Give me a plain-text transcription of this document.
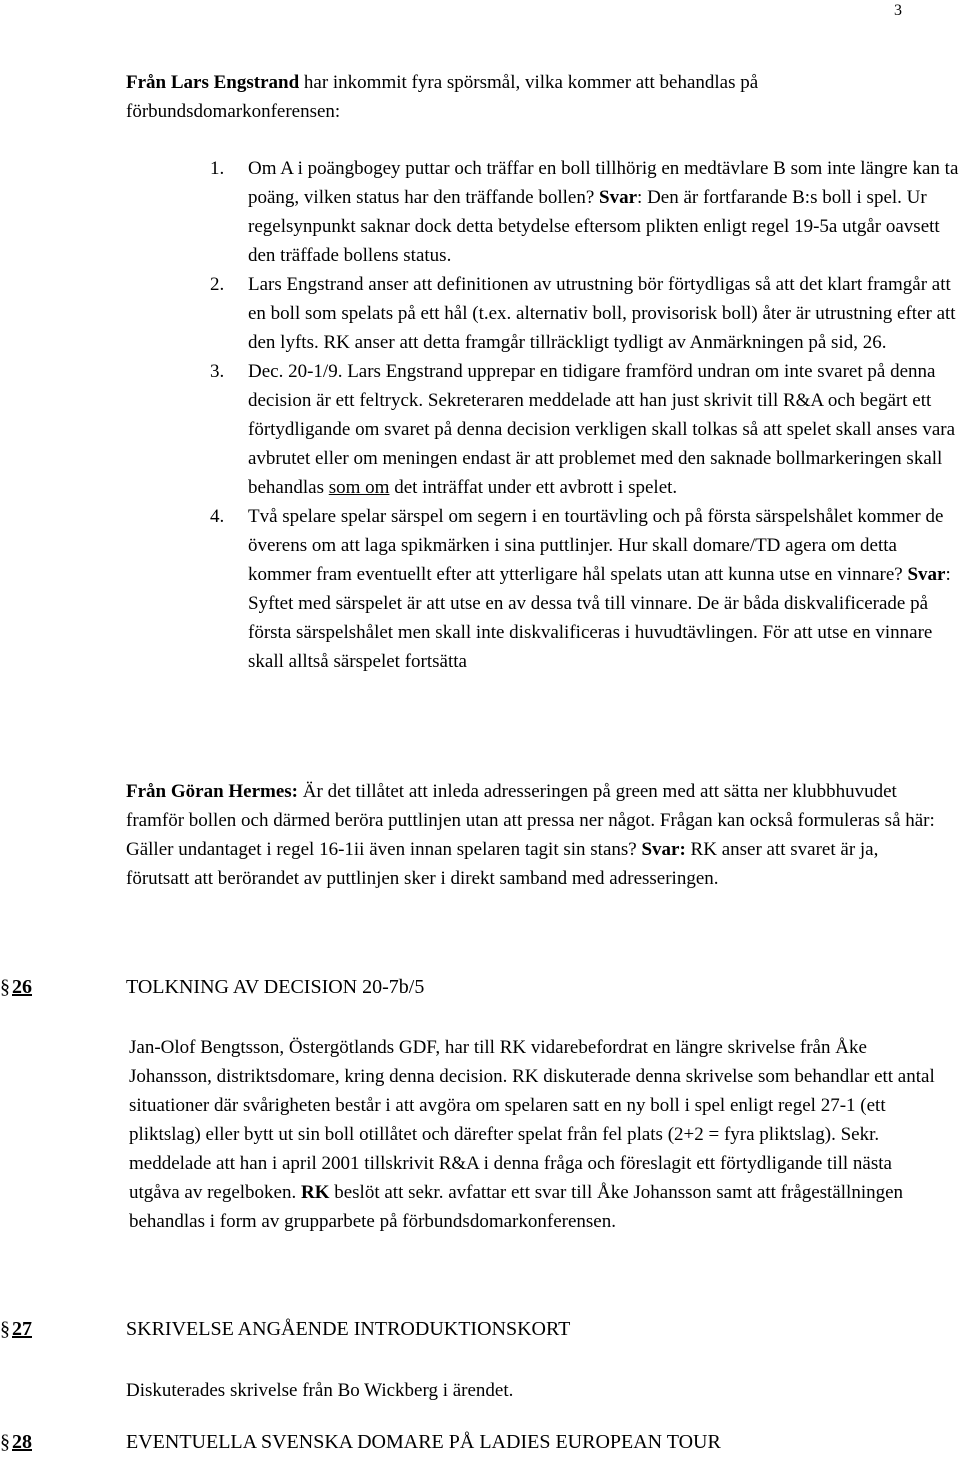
3
Från Lars Engstrand har inkommit fyra spörsmål, vilka kommer att behandlas på förbundsdomarkonferensen:
1. Om A i poängbogey puttar och träffar en boll tillhörig en medtävlare B som inte längre kan ta poäng, vilken status har den träffande bollen? Svar: Den är fortfarande B:s boll i spel. Ur regelsynpunkt saknar dock detta betydelse eftersom plikten enligt regel 19-5a utgår oavsett den träffade bollens status.
2. Lars Engstrand anser att definitionen av utrustning bör förtydligas så att det klart framgår att en boll som spelats på ett hål (t.ex. alternativ boll, provisorisk boll) åter är utrustning efter att den lyfts. RK anser att detta framgår tillräckligt tydligt av Anmärkningen på sid, 26.
3. Dec. 20-1/9. Lars Engstrand upprepar en tidigare framförd undran om inte svaret på denna decision är ett feltryck. Sekreteraren meddelade att han just skrivit till R&A och begärt ett förtydligande om svaret på denna decision verkligen skall tolkas så att spelet skall anses vara avbrutet eller om meningen endast är att problemet med den saknade bollmarkeringen skall behandlas som om det inträffat under ett avbrott i spelet.
4. Två spelare spelar särspel om segern i en tourtävling och på första särspelshålet kommer de överens om att laga spikmärken i sina puttlinjer. Hur skall domare/TD agera om detta kommer fram eventuellt efter att ytterligare hål spelats utan att kunna utse en vinnare? Svar: Syftet med särspelet är att utse en av dessa två till vinnare. De är båda diskvalificerade på första särspelshålet men skall inte diskvalificeras i huvudtävlingen. För att utse en vinnare skall alltså särspelet fortsätta
Från Göran Hermes: Är det tillåtet att inleda adresseringen på green med att sätta ner klubbhuvudet framför bollen och därmed beröra puttlinjen utan att pressa ner något. Frågan kan också formuleras så här: Gäller undantaget i regel 16-1ii även innan spelaren tagit sin stans? Svar: RK anser att svaret är ja, förutsatt att berörandet av puttlinjen sker i direkt samband med adresseringen.
§ 26	TOLKNING AV DECISION 20-7b/5
Jan-Olof Bengtsson, Östergötlands GDF, har till RK vidarebefordrat en längre skrivelse från Åke Johansson, distriktsdomare, kring denna decision. RK diskuterade denna skrivelse som behandlar ett antal situationer där svårigheten består i att avgöra om spelaren satt en ny boll i spel enligt regel 27-1 (ett pliktslag) eller bytt ut sin boll otillåtet och därefter spelat från fel plats (2+2 = fyra pliktslag). Sekr. meddelade att han i april 2001 tillskrivit R&A i denna fråga och föreslagit ett förtydligande till nästa utgåva av regelboken. RK beslöt att sekr. avfattar ett svar till Åke Johansson samt att frågeställningen behandlas i form av grupparbete på förbundsdomarkonferensen.
§ 27	SKRIVELSE ANGÅENDE INTRODUKTIONSKORT
Diskuterades skrivelse från Bo Wickberg i ärendet.
§ 28	EVENTUELLA SVENSKA DOMARE PÅ LADIES EUROPEAN TOUR
